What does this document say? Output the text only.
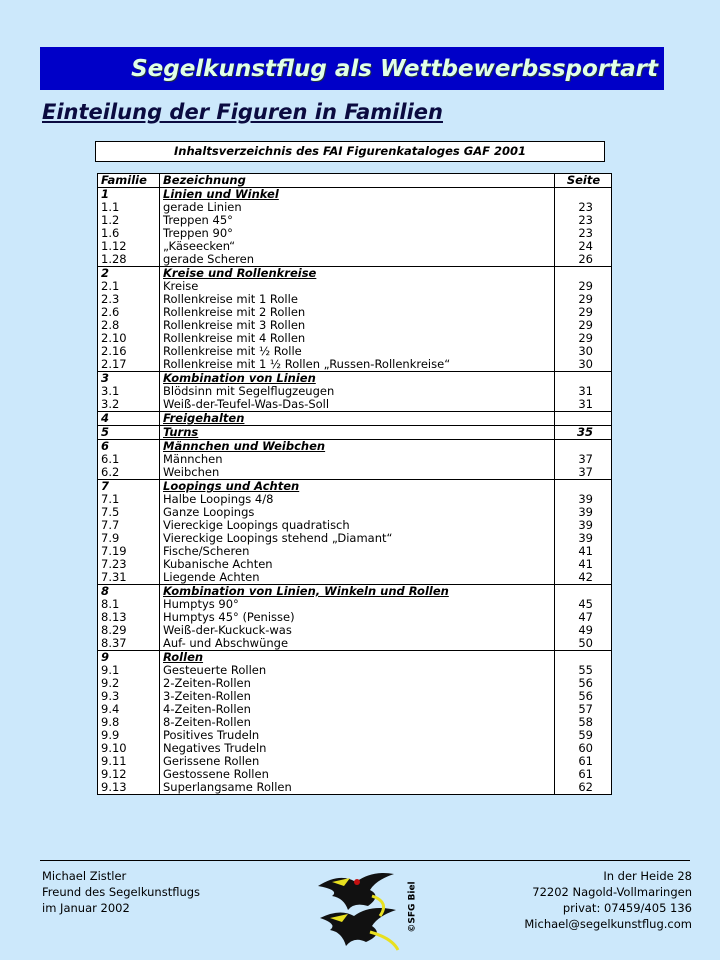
Segelkunstflug als Wettbewerbssportart
Einteilung der Figuren in Familien
Inhaltsverzeichnis des FAI Figurenkataloges GAF 2001
Familie	Bezeichnung	Seite
1	Linien und Winkel	
1.1	gerade Linien	23
1.2	Treppen 45°	23
1.6	Treppen 90°	23
1.12	„Käseecken“	24
1.28	gerade Scheren	26
2	Kreise und Rollenkreise	
2.1	Kreise	29
2.3	Rollenkreise mit 1 Rolle	29
2.6	Rollenkreise mit 2 Rollen	29
2.8	Rollenkreise mit 3 Rollen	29
2.10	Rollenkreise mit 4 Rollen	29
2.16	Rollenkreise mit ½ Rolle	30
2.17	Rollenkreise mit 1 ½ Rollen „Russen-Rollenkreise“	30
3	Kombination von Linien	
3.1	Blödsinn mit Segelflugzeugen	31
3.2	Weiß-der-Teufel-Was-Das-Soll	31
4	Freigehalten	
5	Turns	35
6	Männchen und Weibchen	
6.1	Männchen	37
6.2	Weibchen	37
7	Loopings und Achten	
7.1	Halbe Loopings 4/8	39
7.5	Ganze Loopings	39
7.7	Viereckige Loopings quadratisch	39
7.9	Viereckige Loopings stehend „Diamant“	39
7.19	Fische/Scheren	41
7.23	Kubanische Achten	41
7.31	Liegende Achten	42
8	Kombination von Linien, Winkeln und Rollen	
8.1	Humptys 90°	45
8.13	Humptys 45° (Penisse)	47
8.29	Weiß-der-Kuckuck-was	49
8.37	Auf- und Abschwünge	50
9	Rollen	
9.1	Gesteuerte Rollen	55
9.2	2-Zeiten-Rollen	56
9.3	3-Zeiten-Rollen	56
9.4	4-Zeiten-Rollen	57
9.8	8-Zeiten-Rollen	58
9.9	Positives Trudeln	59
9.10	Negatives Trudeln	60
9.11	Gerissene Rollen	61
9.12	Gestossene Rollen	61
9.13	Superlangsame Rollen	62
Michael Zistler
Freund des Segelkunstflugs
im Januar 2002	©SFG Biel
In der Heide 28
72202 Nagold-Vollmaringen
privat: 07459/405 136
Michael@segelkunstflug.com
